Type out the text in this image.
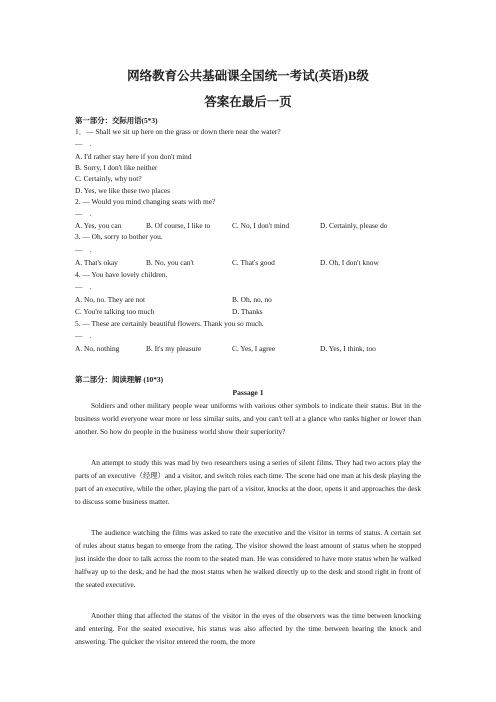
网络教育公共基础课全国统一考试(英语)B级
答案在最后一页
第一部分：交际用语(5*3)
1．— Shall we sit up here on the grass or down there near the water?
—　.
A. I'd rather stay here if you don't mind
B. Sorry, I don't like neither
C. Certainly, why not?
D. Yes, we like these two places
2. — Would you mind changing seats with me?
—　.
A. Yes, you can	B. Of course, I like to	C. No, I don't mind	D. Certainly, please do
3. — Oh, sorry to bother you.
—　.
A. That's okay	B. No, you can't	C. That's good	D. Oh, I don't know
4. — You have lovely children.
—　.
A. No, no. They are not	B. Oh, no, no
C. You're talking too much	D. Thanks
5. — These are certainly beautiful flowers. Thank you so much.
—　.
A. No, nothing	B. It's my pleasure	C. Yes, I agree	D. Yes, I think, too
第二部分：阅读理解 (10*3)
Passage 1
Soldiers and other military people wear uniforms with various other symbols to indicate their status. But in the business world everyone wear more or less similar suits, and you can't tell at a glance who ranks higher or lower than another. So how do people in the business world show their superiority?
An attempt to study this was mad by two researchers using a series of silent films. They had two actors play the parts of an executive（经理）and a visitor, and switch roles each time. The scene had one man at his desk playing the part of an executive, while the other, playing the part of a visitor, knocks at the door, opens it and approaches the desk to discuss some business matter.
The audience watching the films was asked to rate the executive and the visitor in terms of status. A certain set of rules about status began to emerge from the rating. The visitor showed the least amount of status when he stopped just inside the door to talk across the room to the seated man. He was considered to have more status when he walked halfway up to the desk, and he had the most status when he walked directly up to the desk and stood right in front of the seated executive.
Another thing that affected the status of the visitor in the eyes of the observers was the time between knocking and entering. For the seated executive, his status was also affected by the time between hearing the knock and answering. The quicker the visitor entered the room, the more
